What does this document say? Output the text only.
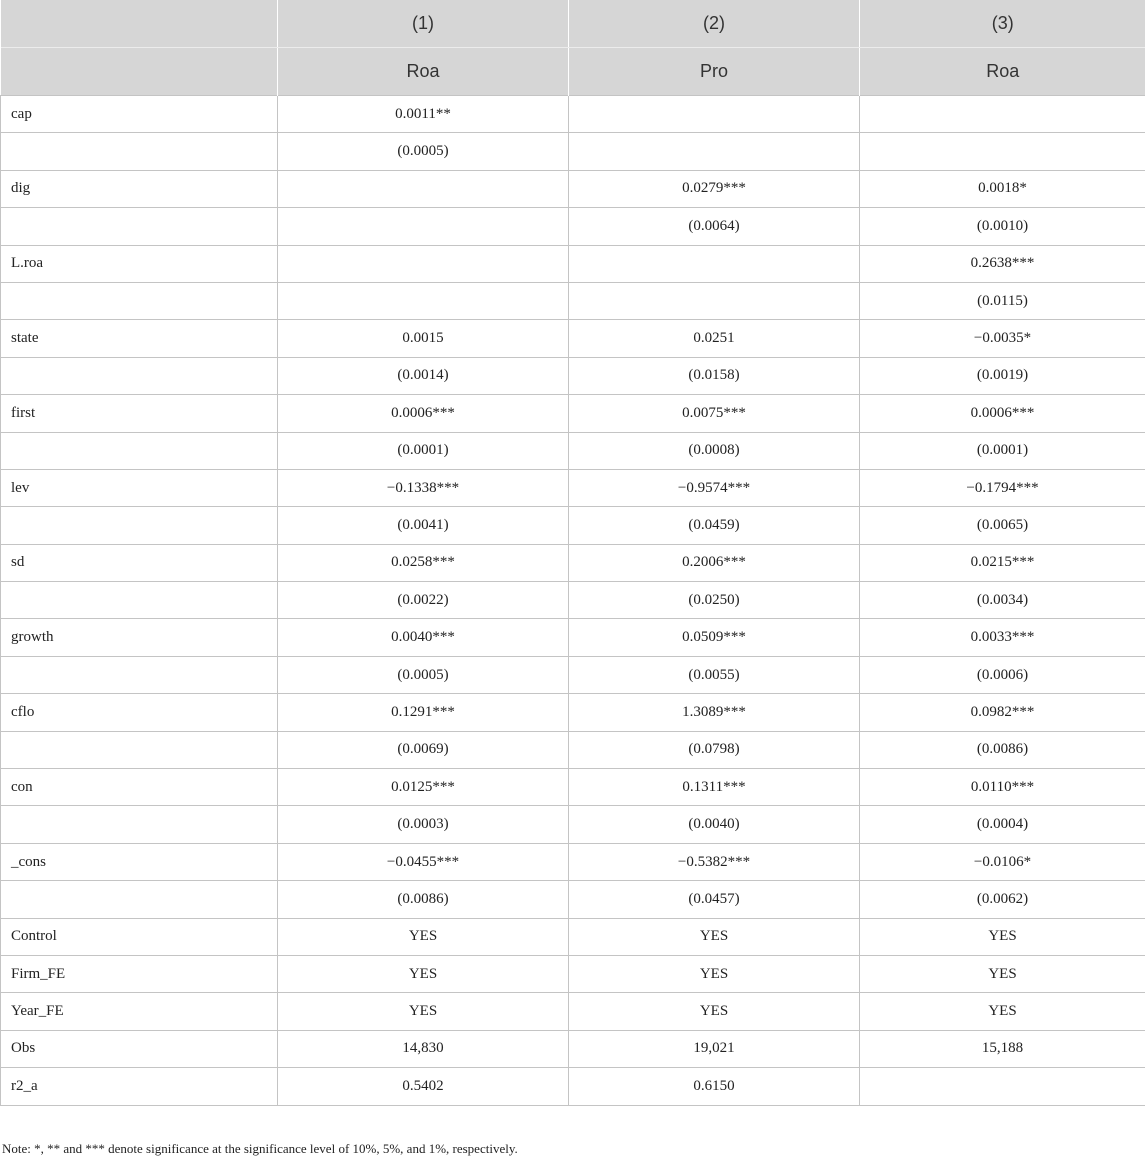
	(1)	(2)	(3)
	Roa	Pro	Roa
cap	0.0011**		
	(0.0005)		
dig		0.0279***	0.0018*
		(0.0064)	(0.0010)
L.roa			0.2638***
			(0.0115)
state	0.0015	0.0251	−0.0035*
	(0.0014)	(0.0158)	(0.0019)
first	0.0006***	0.0075***	0.0006***
	(0.0001)	(0.0008)	(0.0001)
lev	−0.1338***	−0.9574***	−0.1794***
	(0.0041)	(0.0459)	(0.0065)
sd	0.0258***	0.2006***	0.0215***
	(0.0022)	(0.0250)	(0.0034)
growth	0.0040***	0.0509***	0.0033***
	(0.0005)	(0.0055)	(0.0006)
cflo	0.1291***	1.3089***	0.0982***
	(0.0069)	(0.0798)	(0.0086)
con	0.0125***	0.1311***	0.0110***
	(0.0003)	(0.0040)	(0.0004)
_cons	−0.0455***	−0.5382***	−0.0106*
	(0.0086)	(0.0457)	(0.0062)
Control	YES	YES	YES
Firm_FE	YES	YES	YES
Year_FE	YES	YES	YES
Obs	14,830	19,021	15,188
r2_a	0.5402	0.6150	
Note: *, ** and *** denote significance at the significance level of 10%, 5%, and 1%, respectively.
